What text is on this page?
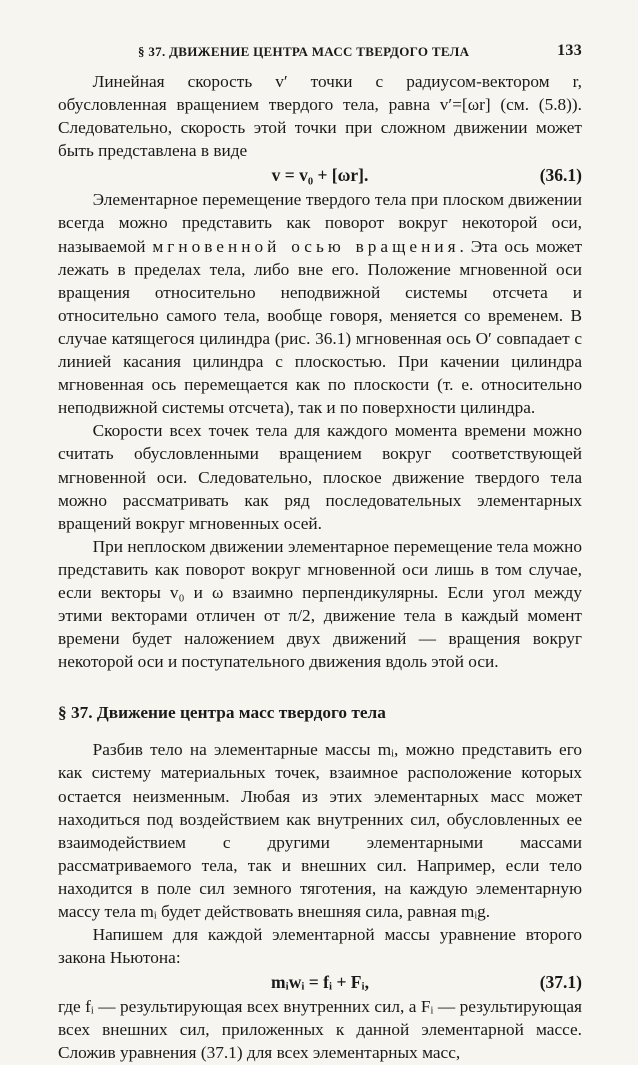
§ 37. ДВИЖЕНИЕ ЦЕНТРА МАСС ТВЕРДОГО ТЕЛА	133

Линейная скорость v′ точки с радиусом-вектором r, обусловленная вращением твердого тела, равна v′=[ωr] (см. (5.8)). Следовательно, скорость этой точки при сложном движении может быть представлена в виде

v = v₀ + [ωr].	(36.1)

Элементарное перемещение твердого тела при плоском движении всегда можно представить как поворот вокруг некоторой оси, называемой мгновенной осью вращения. Эта ось может лежать в пределах тела, либо вне его. Положение мгновенной оси вращения относительно неподвижной системы отсчета и относительно самого тела, вообще говоря, меняется со временем. В случае катящегося цилиндра (рис. 36.1) мгновенная ось O′ совпадает с линией касания цилиндра с плоскостью. При качении цилиндра мгновенная ось перемещается как по плоскости (т. е. относительно неподвижной системы отсчета), так и по поверхности цилиндра.

Скорости всех точек тела для каждого момента времени можно считать обусловленными вращением вокруг соответствующей мгновенной оси. Следовательно, плоское движение твердого тела можно рассматривать как ряд последовательных элементарных вращений вокруг мгновенных осей.

При неплоском движении элементарное перемещение тела можно представить как поворот вокруг мгновенной оси лишь в том случае, если векторы v₀ и ω взаимно перпендикулярны. Если угол между этими векторами отличен от π/2, движение тела в каждый момент времени будет наложением двух движений — вращения вокруг некоторой оси и поступательного движения вдоль этой оси.

§ 37. Движение центра масс твердого тела

Разбив тело на элементарные массы mᵢ, можно представить его как систему материальных точек, взаимное расположение которых остается неизменным. Любая из этих элементарных масс может находиться под воздействием как внутренних сил, обусловленных ее взаимодействием с другими элементарными массами рассматриваемого тела, так и внешних сил. Например, если тело находится в поле сил земного тяготения, на каждую элементарную массу тела mᵢ будет действовать внешняя сила, равная mᵢg.

Напишем для каждой элементарной массы уравнение второго закона Ньютона:

mᵢwᵢ = fᵢ + Fᵢ,	(37.1)

где fᵢ — результирующая всех внутренних сил, а Fᵢ — результирующая всех внешних сил, приложенных к данной элементарной массе. Сложив уравнения (37.1) для всех элементарных масс,
